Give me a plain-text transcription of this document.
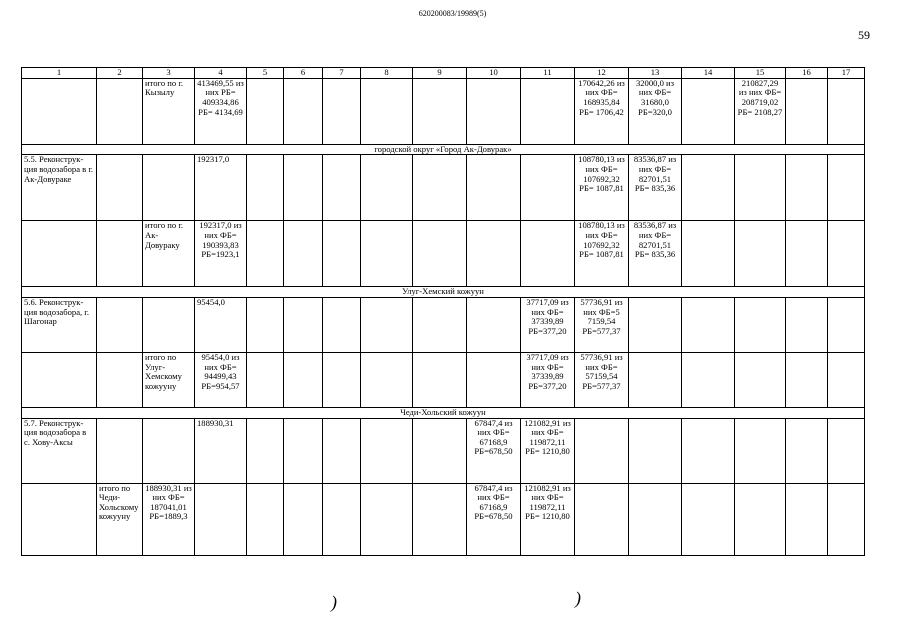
620200083/19989(5)
59
1	2	3	4	5	6	7	8	9	10	11	12	13	14	15	16	17
		итого по г. Кызылу	413469,55 из них РБ= 409334,86 РБ= 4134,69								170642,26 из них ФБ= 168935,84 РБ= 1706,42	32000,0 из них ФБ= 31680,0 РБ=320,0		210827,29 из них ФБ= 208719,02 РБ= 2108,27		
городской округ «Город Ак-Довурак»																
5.5. Реконструк-ция водозабора в г. Ак-Довураке			192317,0								108780,13 из них ФБ= 107692,32 РБ= 1087,81	83536,87 из них ФБ= 82701,51 РБ= 835,36				
		итого по г. Ак-Довураку	192317,0 из них ФБ= 190393,83 РБ=1923,1								108780,13 из них ФБ= 107692,32 РБ= 1087,81	83536,87 из них ФБ= 82701,51 РБ= 835,36				
Улуг-Хемский кожуун																
5.6. Реконструк-ция водозабора, г. Шагонар			95454,0							37717,09 из них ФБ= 37339,89 РБ=377,20	57736,91 из них ФБ=5 7159,54 РБ=577,37					
		итого по Улуг-Хемскому кожууну	95454,0 из них ФБ= 94499,43 РБ=954,57							37717,09 из них ФБ= 37339,89 РБ=377,20	57736,91 из них ФБ= 57159,54 РБ=577,37					
Чеди-Хольский кожуун																
5.7. Реконструк-ция водозабора в с. Хову-Аксы			188930,31						67847,4 из них ФБ= 67168,9 РБ=678,50	121082,91 из них ФБ= 119872,11 РБ= 1210,80						
	итого по Чеди-Хольскому кожууну	188930,31 из них ФБ= 187041,01 РБ=1889,3							67847,4 из них ФБ= 67168,9 РБ=678,50	121082,91 из них ФБ= 119872,11 РБ= 1210,80						
)	)
